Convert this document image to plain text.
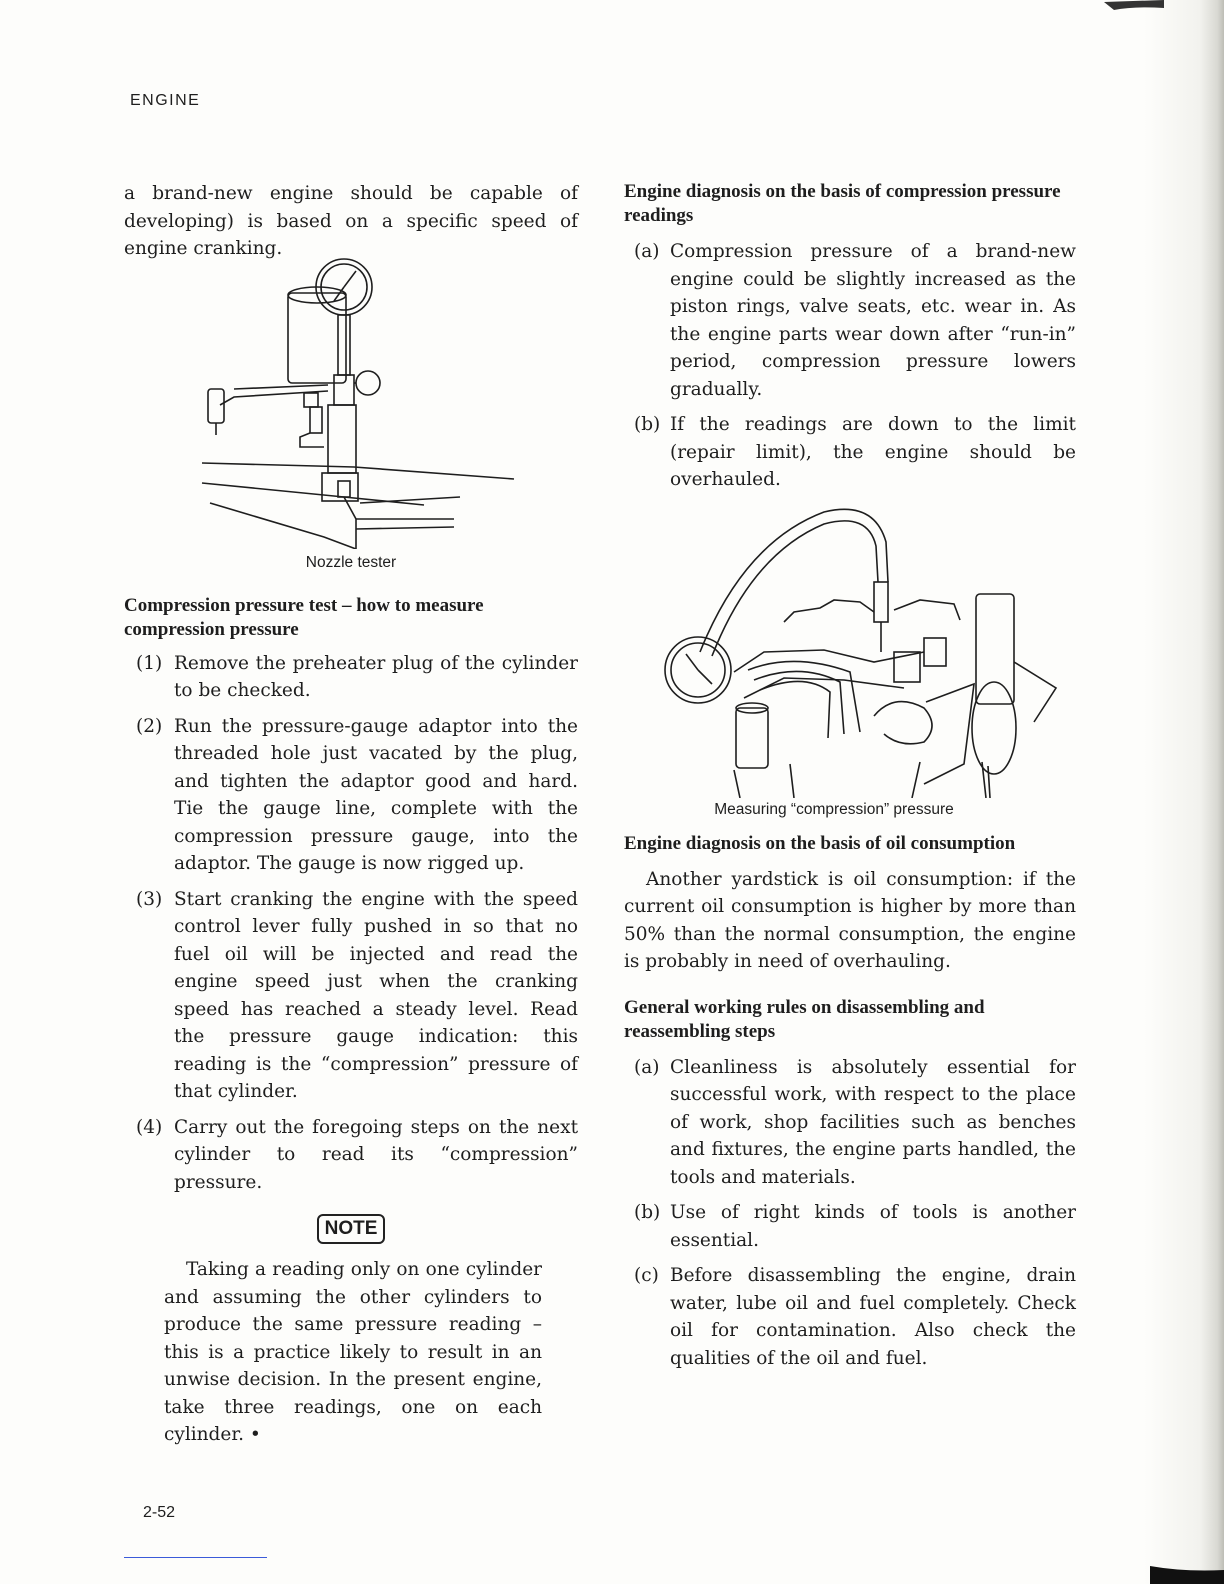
ENGINE

a brand-new engine should be capable of developing) is based on a specific speed of engine cranking.

Nozzle tester
Compression pressure test – how to measure compression pressure
(1) Remove the preheater plug of the cylinder to be checked.
(2) Run the pressure-gauge adaptor into the threaded hole just vacated by the plug, and tighten the adaptor good and hard. Tie the gauge line, complete with the compression pressure gauge, into the adaptor. The gauge is now rigged up.
(3) Start cranking the engine with the speed control lever fully pushed in so that no fuel oil will be injected and read the engine speed just when the cranking speed has reached a steady level. Read the pressure gauge indication: this reading is the “compression” pressure of that cylinder.
(4) Carry out the foregoing steps on the next cylinder to read its “compression” pressure.
NOTE

Taking a reading only on one cylinder and assuming the other cylinders to produce the same pressure reading – this is a practice likely to result in an unwise decision. In the present engine, take three readings, one on each cylinder. •

Engine diagnosis on the basis of compression pressure readings
(a) Compression pressure of a brand-new engine could be slightly increased as the piston rings, valve seats, etc. wear in. As the engine parts wear down after “run-in” period, compression pressure lowers gradually.
(b) If the readings are down to the limit (repair limit), the engine should be overhauled.
Measuring “compression” pressure
Engine diagnosis on the basis of oil consumption

Another yardstick is oil consumption: if the current oil consumption is higher by more than 50% than the normal consumption, the engine is probably in need of overhauling.

General working rules on disassembling and reassembling steps
(a) Cleanliness is absolutely essential for successful work, with respect to the place of work, shop facilities such as benches and fixtures, the engine parts handled, the tools and materials.
(b) Use of right kinds of tools is another essential.
(c) Before disassembling the engine, drain water, lube oil and fuel completely. Check oil for contamination. Also check the qualities of the oil and fuel.
2-52
